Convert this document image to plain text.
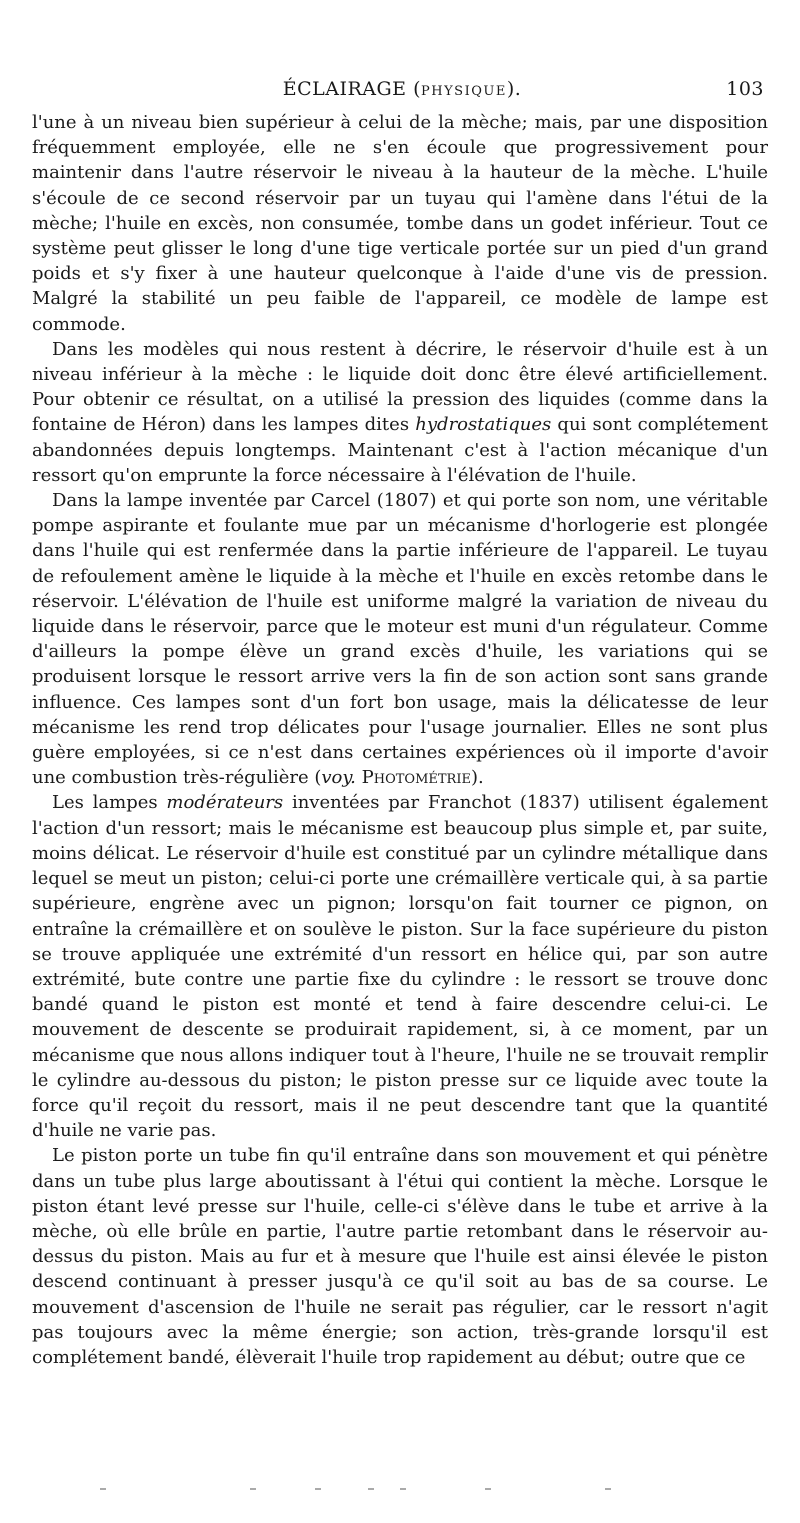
ÉCLAIRAGE (PHYSIQUE).	103

l'une à un niveau bien supérieur à celui de la mèche; mais, par une disposition fréquemment employée, elle ne s'en écoule que progressivement pour maintenir dans l'autre réservoir le niveau à la hauteur de la mèche. L'huile s'écoule de ce second réservoir par un tuyau qui l'amène dans l'étui de la mèche; l'huile en excès, non consumée, tombe dans un godet inférieur. Tout ce système peut glisser le long d'une tige verticale portée sur un pied d'un grand poids et s'y fixer à une hauteur quelconque à l'aide d'une vis de pression. Malgré la stabilité un peu faible de l'appareil, ce modèle de lampe est commode.

Dans les modèles qui nous restent à décrire, le réservoir d'huile est à un niveau inférieur à la mèche : le liquide doit donc être élevé artificiellement. Pour obtenir ce résultat, on a utilisé la pression des liquides (comme dans la fontaine de Héron) dans les lampes dites hydrostatiques qui sont complétement abandonnées depuis longtemps. Maintenant c'est à l'action mécanique d'un ressort qu'on emprunte la force nécessaire à l'élévation de l'huile.

Dans la lampe inventée par Carcel (1807) et qui porte son nom, une véritable pompe aspirante et foulante mue par un mécanisme d'horlogerie est plongée dans l'huile qui est renfermée dans la partie inférieure de l'appareil. Le tuyau de refoulement amène le liquide à la mèche et l'huile en excès retombe dans le réservoir. L'élévation de l'huile est uniforme malgré la variation de niveau du liquide dans le réservoir, parce que le moteur est muni d'un régulateur. Comme d'ailleurs la pompe élève un grand excès d'huile, les variations qui se produisent lorsque le ressort arrive vers la fin de son action sont sans grande influence. Ces lampes sont d'un fort bon usage, mais la délicatesse de leur mécanisme les rend trop délicates pour l'usage journalier. Elles ne sont plus guère employées, si ce n'est dans certaines expériences où il importe d'avoir une combustion très-régulière (voy. Photométrie).

Les lampes modérateurs inventées par Franchot (1837) utilisent également l'action d'un ressort; mais le mécanisme est beaucoup plus simple et, par suite, moins délicat. Le réservoir d'huile est constitué par un cylindre métallique dans lequel se meut un piston; celui-ci porte une crémaillère verticale qui, à sa partie supérieure, engrène avec un pignon; lorsqu'on fait tourner ce pignon, on entraîne la crémaillère et on soulève le piston. Sur la face supérieure du piston se trouve appliquée une extrémité d'un ressort en hélice qui, par son autre extrémité, bute contre une partie fixe du cylindre : le ressort se trouve donc bandé quand le piston est monté et tend à faire descendre celui-ci. Le mouvement de descente se produirait rapidement, si, à ce moment, par un mécanisme que nous allons indiquer tout à l'heure, l'huile ne se trouvait remplir le cylindre au-dessous du piston; le piston presse sur ce liquide avec toute la force qu'il reçoit du ressort, mais il ne peut descendre tant que la quantité d'huile ne varie pas.

Le piston porte un tube fin qu'il entraîne dans son mouvement et qui pénètre dans un tube plus large aboutissant à l'étui qui contient la mèche. Lorsque le piston étant levé presse sur l'huile, celle-ci s'élève dans le tube et arrive à la mèche, où elle brûle en partie, l'autre partie retombant dans le réservoir au-dessus du piston. Mais au fur et à mesure que l'huile est ainsi élevée le piston descend continuant à presser jusqu'à ce qu'il soit au bas de sa course. Le mouvement d'ascension de l'huile ne serait pas régulier, car le ressort n'agit pas toujours avec la même énergie; son action, très-grande lorsqu'il est complétement bandé, élèverait l'huile trop rapidement au début; outre que ce
